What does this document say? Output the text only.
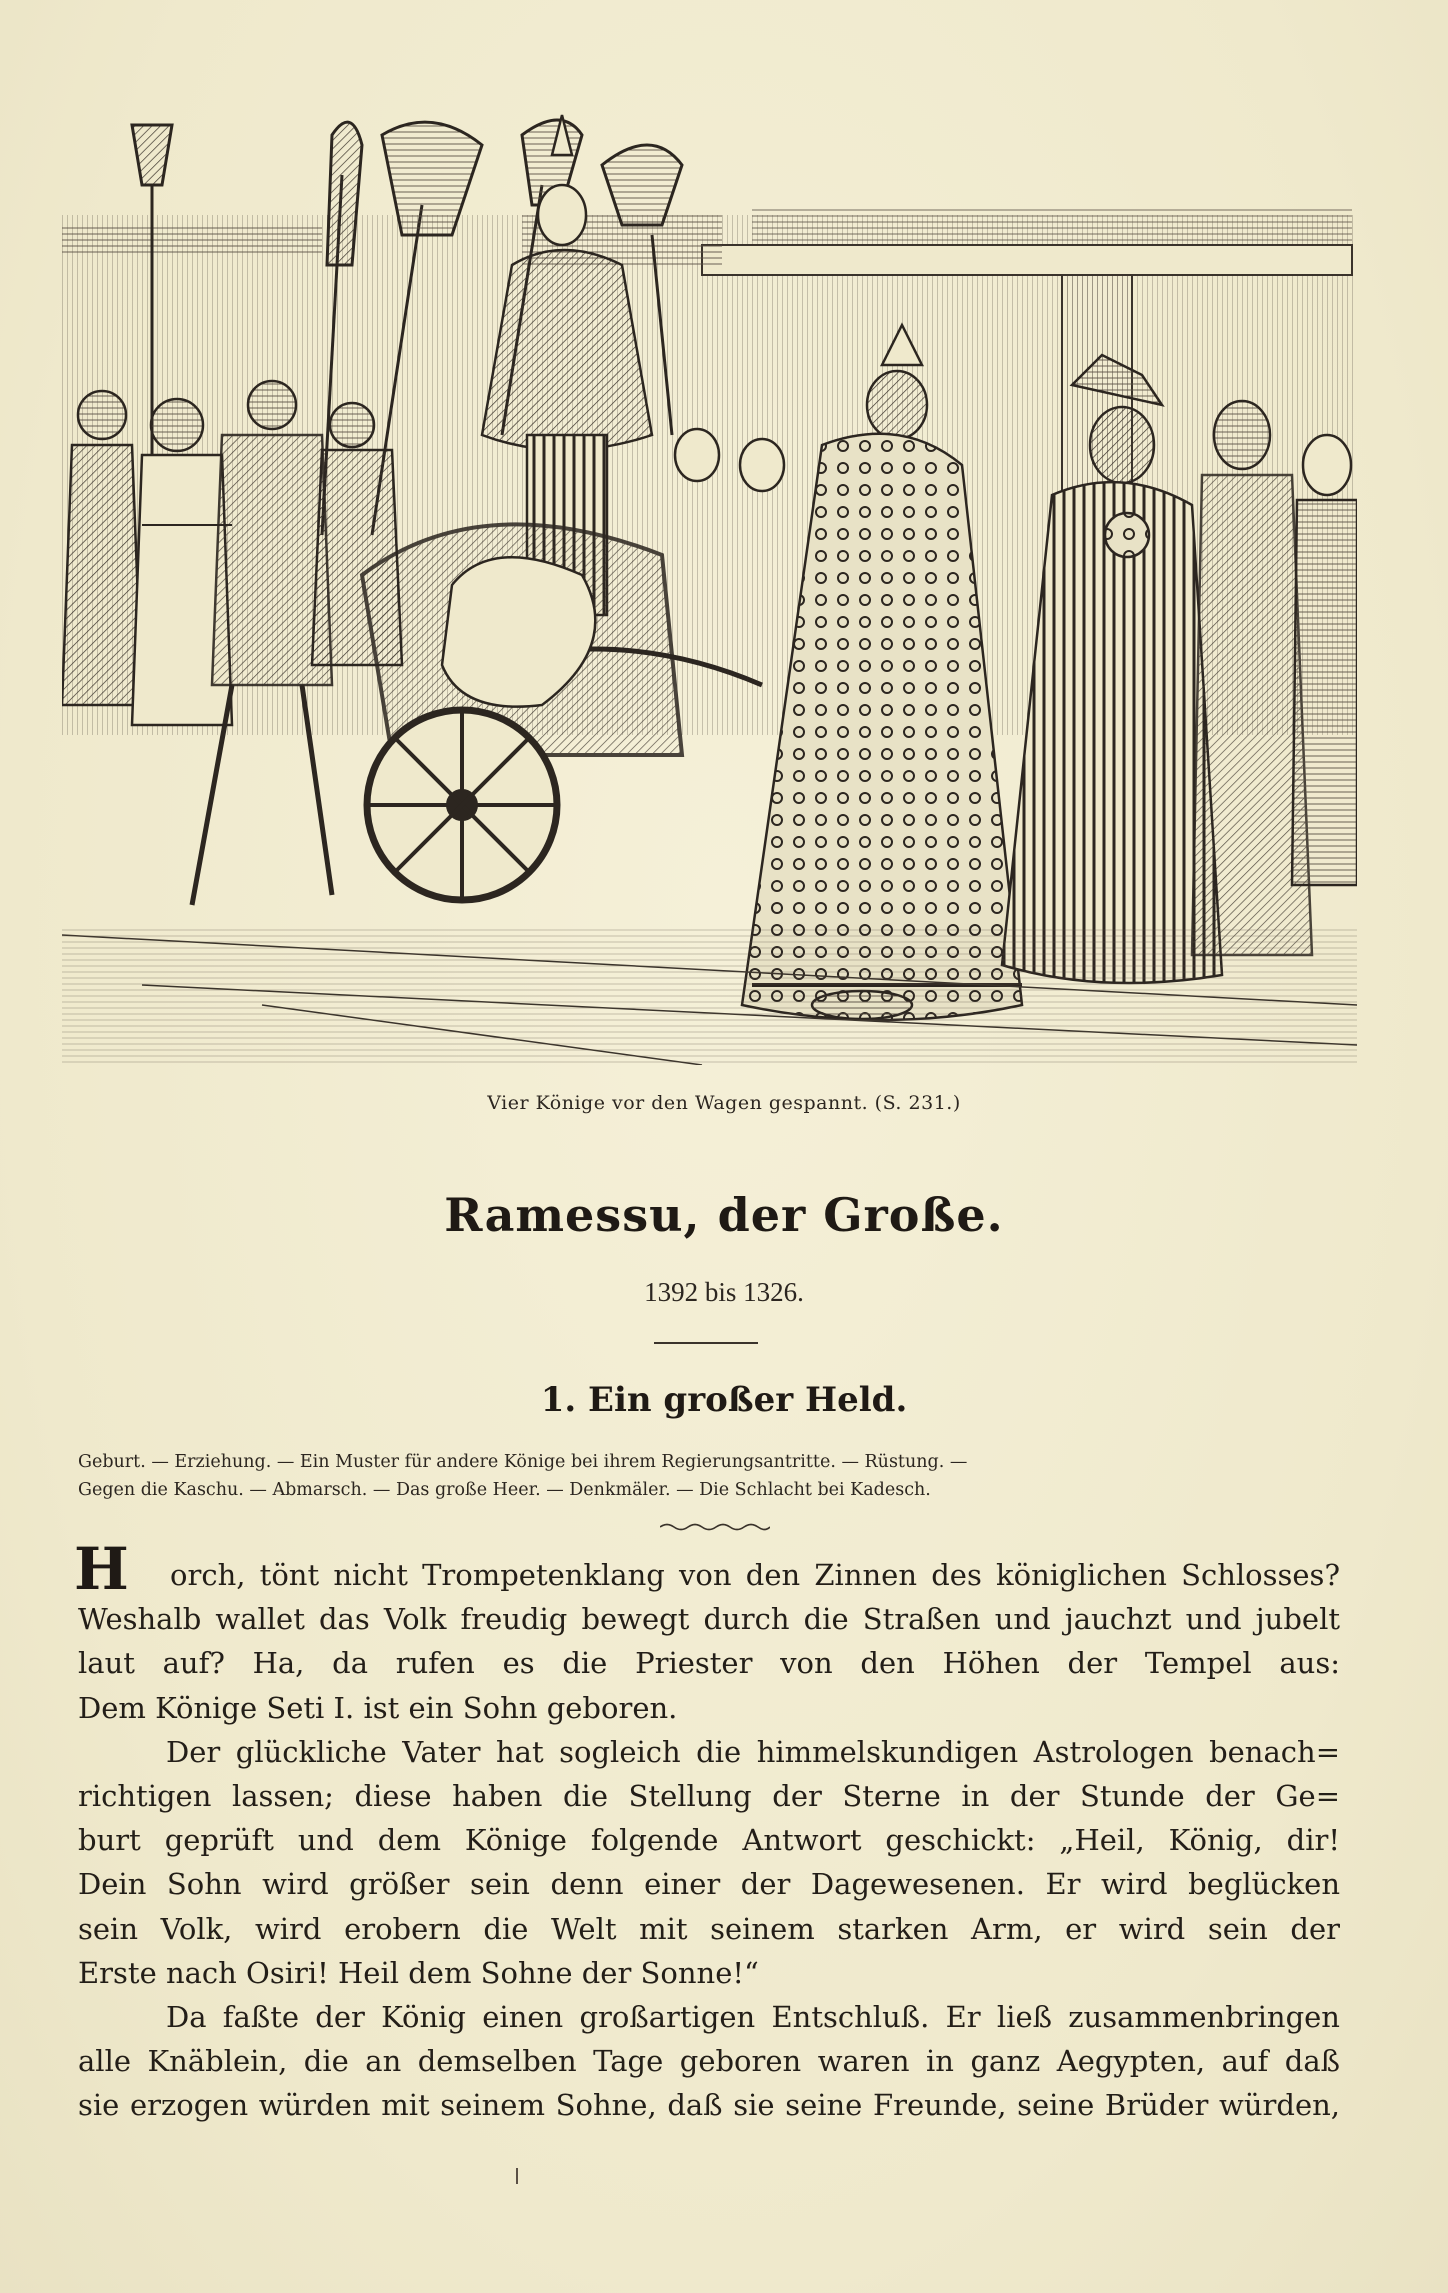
Vier Könige vor den Wagen gespannt. (S. 231.)
Ramessu, der Große.
1392 bis 1326.
1. Ein großer Held.
Geburt. — Erziehung. — Ein Muster für andere Könige bei ihrem Regierungsantritte. — Rüstung. —
Gegen die Kaschu. — Abmarsch. — Das große Heer. — Denkmäler. — Die Schlacht bei Kadesch.
H	orch, tönt nicht Trompetenklang von den Zinnen des königlichen Schlosses?
Weshalb wallet das Volk freudig bewegt durch die Straßen und jauchzt und jubelt
laut auf? Ha, da rufen es die Priester von den Höhen der Tempel aus:
Dem Könige Seti I. ist ein Sohn geboren.
Der glückliche Vater hat sogleich die himmelskundigen Astrologen benach=
richtigen lassen; diese haben die Stellung der Sterne in der Stunde der Ge=
burt geprüft und dem Könige folgende Antwort geschickt: „Heil, König, dir!
Dein Sohn wird größer sein denn einer der Dagewesenen. Er wird beglücken
sein Volk, wird erobern die Welt mit seinem starken Arm, er wird sein der
Erste nach Osiri! Heil dem Sohne der Sonne!“
Da faßte der König einen großartigen Entschluß. Er ließ zusammenbringen
alle Knäblein, die an demselben Tage geboren waren in ganz Aegypten, auf daß
sie erzogen würden mit seinem Sohne, daß sie seine Freunde, seine Brüder würden,
